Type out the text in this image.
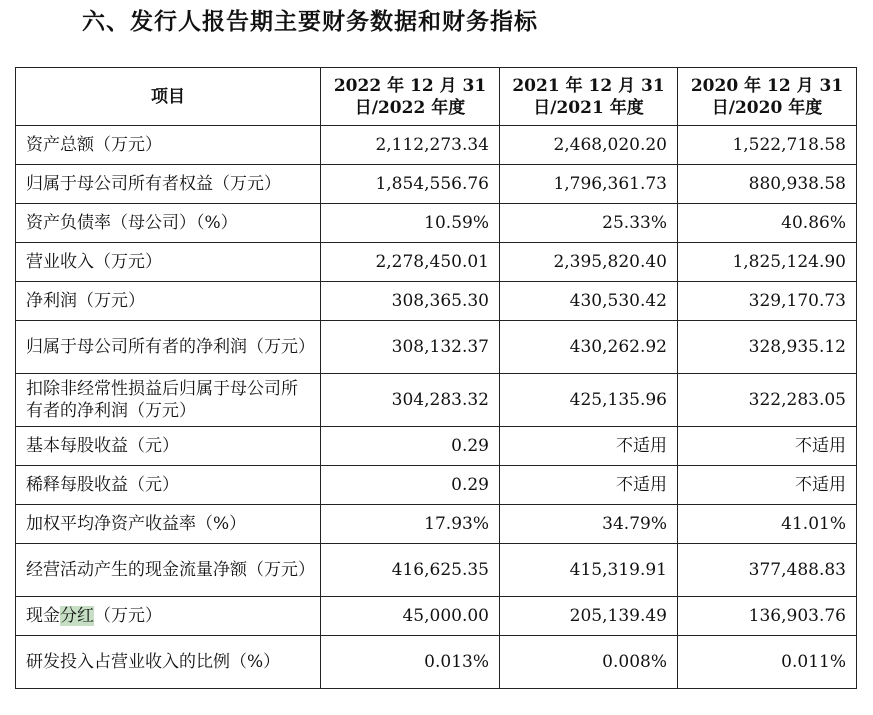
六、发行人报告期主要财务数据和财务指标
项目	2022 年 12 月 31 日/2022 年度	2021 年 12 月 31 日/2021 年度	2020 年 12 月 31 日/2020 年度
资产总额（万元）	2,112,273.34	2,468,020.20	1,522,718.58
归属于母公司所有者权益（万元）	1,854,556.76	1,796,361.73	880,938.58
资产负债率（母公司）（%）	10.59%	25.33%	40.86%
营业收入（万元）	2,278,450.01	2,395,820.40	1,825,124.90
净利润（万元）	308,365.30	430,530.42	329,170.73
归属于母公司所有者的净利润（万元）	308,132.37	430,262.92	328,935.12
扣除非经常性损益后归属于母公司所有者的净利润（万元）	304,283.32	425,135.96	322,283.05
基本每股收益（元）	0.29	不适用	不适用
稀释每股收益（元）	0.29	不适用	不适用
加权平均净资产收益率（%）	17.93%	34.79%	41.01%
经营活动产生的现金流量净额（万元）	416,625.35	415,319.91	377,488.83
现金分红（万元）	45,000.00	205,139.49	136,903.76
研发投入占营业收入的比例（%）	0.013%	0.008%	0.011%
